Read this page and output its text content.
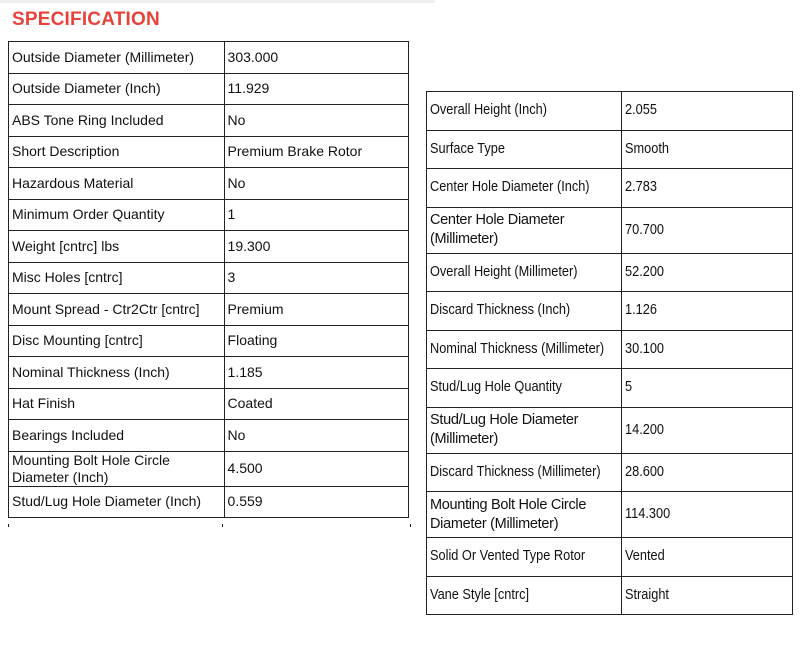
SPECIFICATION
Outside Diameter (Millimeter)	303.000
Outside Diameter (Inch)	11.929
ABS Tone Ring Included	No
Short Description	Premium Brake Rotor
Hazardous Material	No
Minimum Order Quantity	1
Weight [cntrc] lbs	19.300
Misc Holes [cntrc]	3
Mount Spread - Ctr2Ctr [cntrc]	Premium
Disc Mounting [cntrc]	Floating
Nominal Thickness (Inch)	1.185
Hat Finish	Coated
Bearings Included	No
Mounting Bolt Hole Circle Diameter (Inch)	4.500
Stud/Lug Hole Diameter (Inch)	0.559
Overall Height (Inch)	2.055
Surface Type	Smooth
Center Hole Diameter (Inch)	2.783

Center Hole Diameter (Millimeter)	70.700
Overall Height (Millimeter)	52.200
Discard Thickness (Inch)	1.126
Nominal Thickness (Millimeter)	30.100
Stud/Lug Hole Quantity	5

Stud/Lug Hole Diameter (Millimeter)	14.200
Discard Thickness (Millimeter)	28.600

Mounting Bolt Hole Circle Diameter (Millimeter)	114.300
Solid Or Vented Type Rotor	Vented
Vane Style [cntrc]	Straight
